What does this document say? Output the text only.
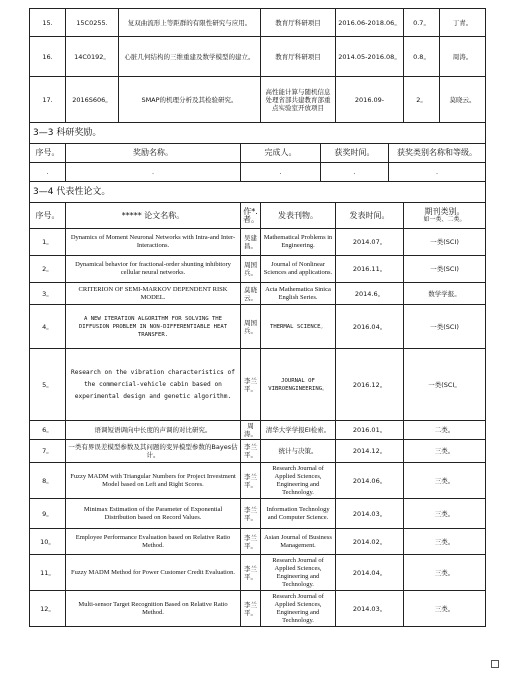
15.	15C0255.	复双曲流形上等距群的有限性研究与应用。		教育厅科研项目		2016.06-2018.06。		0.7。	丁青。
16.	14C0192。	心脏几何结构的三维重建及数学模型的建立。		教育厅科研项目		2014.05-2016.08。		0.8。	周涛。
17.	2016S606。	SMAP的机理分析及其检验研究。		高性能计算与随机信息处理省部共建教育部重点实验室开放项目		2016.09-		2。	莫晓云。
3—3 科研奖励。									
序号。	奖励名称。		完成人。		获奖时间。		获奖类别名称和等级。		
.	.		.		.		.		
3—4 代表性论文。									
序号。	***** 论文名称。		作*.者。	发表刊物。		发表时间。		期刊类别。
如一类、二类。	

1。	Dynamics of Moment Neuronal Networks with Intra-and Inter-Interactions.		吴建昌。	Mathematical Problems in Engineering.		2014.07。		一类(SCI)	
2。	Dynamical behavior for fractional-order shunting inhibitory cellular neural networks.		周国兵。	Journal of Nonlinear Sciences and applications.		2016.11。		一类(SCI)	
3。	CRITERION OF SEMI-MARKOV DEPENDENT RISK MODEL.		莫晓云。	Acta Mathematica Sinica English Series.		2014.6。		数学学报。	
4。	A NEW ITERATION ALGORITHM FOR SOLVING THE DIFFUSION PROBLEM IN NON-DIFFERENTIABLE HEAT TRANSFER.		周国兵。	THERMAL SCIENCE。		2016.04。		一类(SCI)	
5。	Research on the vibration characteristics of the commercial-vehicle cabin based on experimental design and genetic algorithm.		李兰平。	JOURNAL OF VIBROENGINEERING。		2016.12。		一类(SCI。	
6。	语调短语调向中长度的声调的对比研究。		周涛。	清华大学学报EI检索。		2016.01。		二类。	
7。	一类有界误差模型参数及其问题的变异模型参数的Bayes估计。		李兰平。	统计与决策。		2014.12。		三类。	
8。	Fuzzy MADM with Triangular Numbers for Project Investment Model based on Left and Right Scores.		李兰平。	Research Journal of Applied Sciences, Engineering and Technology.		2014.06。		三类。	
9。	Minimax Estimation of the Parameter of Exponential Distribution based on Record Values.		李兰平。	Information Technology and Computer Science.		2014.03。		三类。	
10。	Employee Performance Evaluation based on Relative Ratio Method.		李兰平。	Asian Journal of Business Management.		2014.02。		三类。	
11。	Fuzzy MADM Method for Power Customer Credit Evaluation.		李兰平。	Research Journal of Applied Sciences, Engineering and Technology.		2014.04。		三类。	
12。	Multi-sensor Target Recognition Based on Relative Ratio Method.		李兰平。	Research Journal of Applied Sciences, Engineering and Technology.		2014.03。		三类。	
